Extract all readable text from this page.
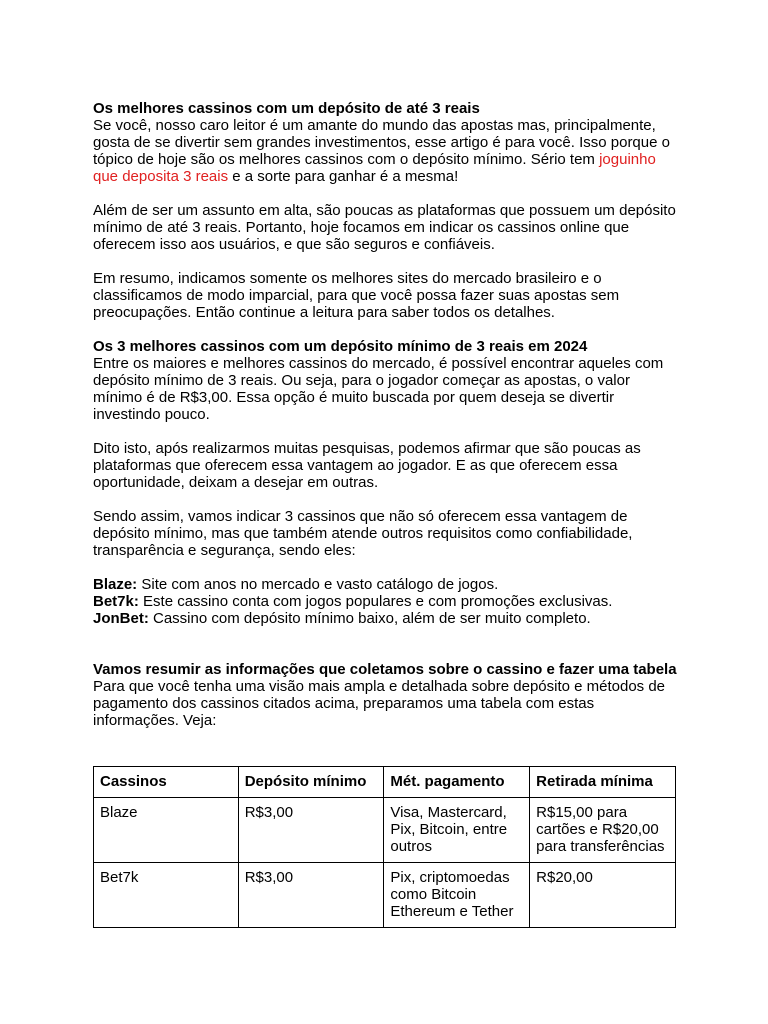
Os melhores cassinos com um depósito de até 3 reais

Se você, nosso caro leitor é um amante do mundo das apostas mas, principalmente, gosta de se divertir sem grandes investimentos, esse artigo é para você. Isso porque o tópico de hoje são os melhores cassinos com o depósito mínimo. Sério tem joguinho que deposita 3 reais e a sorte para ganhar é a mesma!

Além de ser um assunto em alta, são poucas as plataformas que possuem um depósito mínimo de até 3 reais. Portanto, hoje focamos em indicar os cassinos online que oferecem isso aos usuários, e que são seguros e confiáveis.

Em resumo, indicamos somente os melhores sites do mercado brasileiro e o classificamos de modo imparcial, para que você possa fazer suas apostas sem preocupações. Então continue a leitura para saber todos os detalhes.

Os 3 melhores cassinos com um depósito mínimo de 3 reais em 2024

Entre os maiores e melhores cassinos do mercado, é possível encontrar aqueles com depósito mínimo de 3 reais. Ou seja, para o jogador começar as apostas, o valor mínimo é de R$3,00. Essa opção é muito buscada por quem deseja se divertir investindo pouco.

Dito isto, após realizarmos muitas pesquisas, podemos afirmar que são poucas as plataformas que oferecem essa vantagem ao jogador. E as que oferecem essa oportunidade, deixam a desejar em outras.

Sendo assim, vamos indicar 3 cassinos que não só oferecem essa vantagem de depósito mínimo, mas que também atende outros requisitos como confiabilidade, transparência e segurança, sendo eles:

Blaze: Site com anos no mercado e vasto catálogo de jogos.

Bet7k: Este cassino conta com jogos populares e com promoções exclusivas.

JonBet: Cassino com depósito mínimo baixo, além de ser muito completo.

Vamos resumir as informações que coletamos sobre o cassino e fazer uma tabela

Para que você tenha uma visão mais ampla e detalhada sobre depósito e métodos de pagamento dos cassinos citados acima, preparamos uma tabela com estas informações. Veja:

Cassinos	Depósito mínimo	Mét. pagamento	Retirada mínima
Blaze	R$3,00	Visa, Mastercard, Pix, Bitcoin, entre outros	R$15,00 para cartões e R$20,00 para transferências
Bet7k	R$3,00	Pix, criptomoedas como Bitcoin Ethereum e Tether	R$20,00
